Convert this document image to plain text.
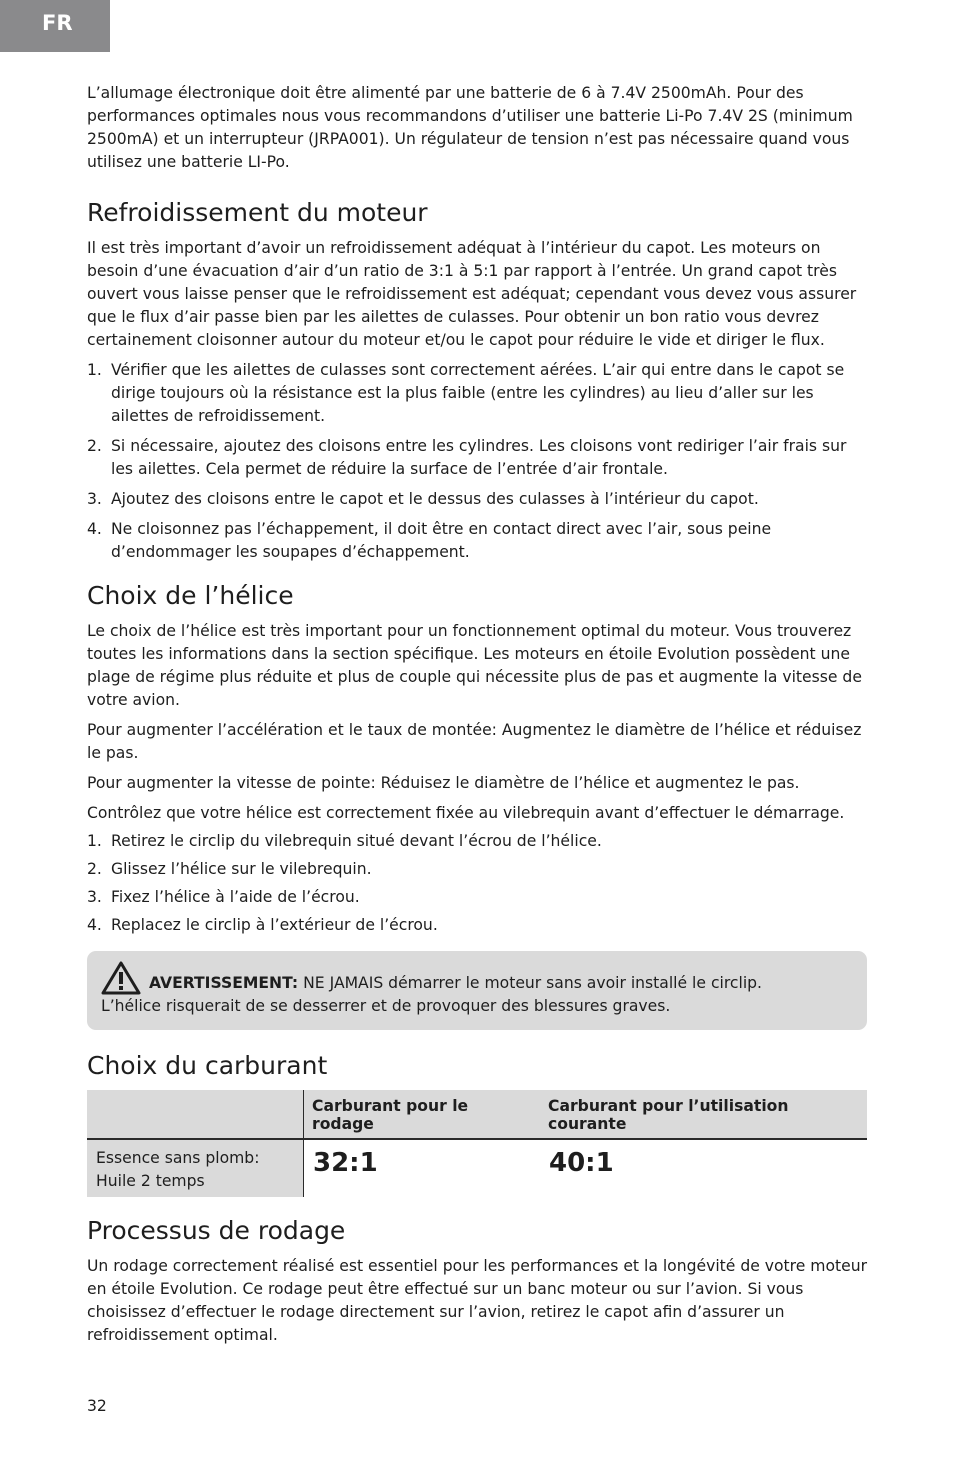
FR

L’allumage électronique doit être alimenté par une batterie de 6 à 7.4V 2500mAh. Pour des performances optimales nous vous recommandons d’utiliser une batterie Li-Po 7.4V 2S (minimum 2500mA) et un interrupteur (JRPA001). Un régulateur de tension n’est pas nécessaire quand vous utilisez une batterie LI-Po.

Refroidissement du moteur

Il est très important d’avoir un refroidissement adéquat à l’intérieur du capot. Les moteurs on besoin d’une évacuation d’air d’un ratio de 3:1 à 5:1 par rapport à l’entrée. Un grand capot très ouvert vous laisse penser que le refroidissement est adéquat; cependant vous devez vous assurer que le flux d’air passe bien par les ailettes de culasses. Pour obtenir un bon ratio vous devrez certainement cloisonner autour du moteur et/ou le capot pour réduire le vide et diriger le flux.

1. Vérifier que les ailettes de culasses sont correctement aérées. L’air qui entre dans le capot se dirige toujours où la résistance est la plus faible (entre les cylindres) au lieu d’aller sur les ailettes de refroidissement.
2. Si nécessaire, ajoutez des cloisons entre les cylindres. Les cloisons vont rediriger l’air frais sur les ailettes. Cela permet de réduire la surface de l’entrée d’air frontale.
3. Ajoutez des cloisons entre le capot et le dessus des culasses à l’intérieur du capot.
4. Ne cloisonnez pas l’échappement, il doit être en contact direct avec l’air, sous peine d’endommager les soupapes d’échappement.
Choix de l’hélice

Le choix de l’hélice est très important pour un fonctionnement optimal du moteur. Vous trouverez toutes les informations dans la section spécifique. Les moteurs en étoile Evolution possèdent une plage de régime plus réduite et plus de couple qui nécessite plus de pas et augmente la vitesse de votre avion.

Pour augmenter l’accélération et le taux de montée: Augmentez le diamètre de l’hélice et réduisez le pas.

Pour augmenter la vitesse de pointe: Réduisez le diamètre de l’hélice et augmentez le pas.

Contrôlez que votre hélice est correctement fixée au vilebrequin avant d’effectuer le démarrage.

1. Retirez le circlip du vilebrequin situé devant l’écrou de l’hélice.
2. Glissez l’hélice sur le vilebrequin.
3. Fixez l’hélice à l’aide de l’écrou.
4. Replacez le circlip à l’extérieur de l’écrou.
AVERTISSEMENT: NE JAMAIS démarrer le moteur sans avoir installé le circlip.

L’hélice risquerait de se desserrer et de provoquer des blessures graves.

Choix du carburant
	Carburant pour le rodage	Carburant pour l’utilisation courante
Essence sans plomb:
Huile 2 temps	32:1	40:1
Processus de rodage

Un rodage correctement réalisé est essentiel pour les performances et la longévité de votre moteur en étoile Evolution. Ce rodage peut être effectué sur un banc moteur ou sur l’avion. Si vous choisissez d’effectuer le rodage directement sur l’avion, retirez le capot afin d’assurer un refroidissement optimal.

32
